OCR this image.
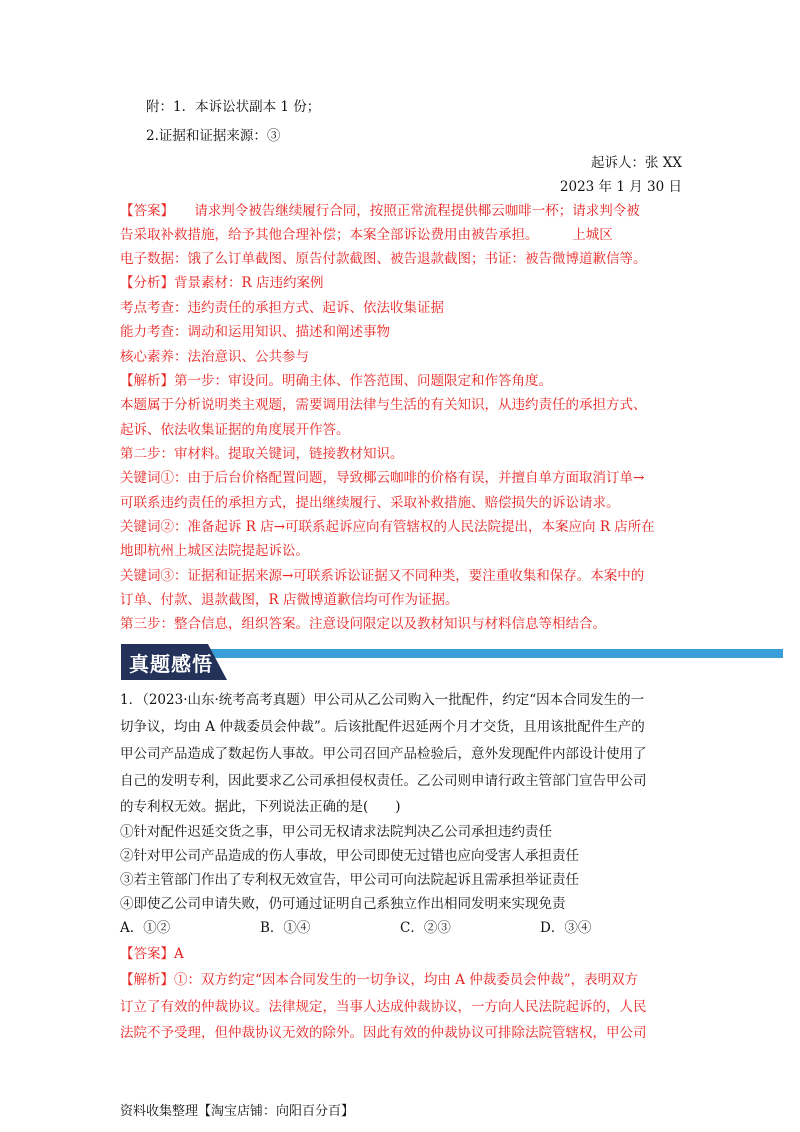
附：1．本诉讼状副本 1 份；
2.证据和证据来源：③
起诉人：张 XX
2023 年 1 月 30 日
【答案】　　请求判令被告继续履行合同，按照正常流程提供椰云咖啡一杯；请求判令被
告采取补救措施，给予其他合理补偿；本案全部诉讼费用由被告承担。　　　上城区
电子数据：饿了么订单截图、原告付款截图、被告退款截图；书证：被告微博道歉信等。
【分析】背景素材：R 店违约案例
考点考查：违约责任的承担方式、起诉、依法收集证据
能力考查：调动和运用知识、描述和阐述事物
核心素养：法治意识、公共参与
【解析】第一步：审设问。明确主体、作答范围、问题限定和作答角度。
本题属于分析说明类主观题，需要调用法律与生活的有关知识，从违约责任的承担方式、
起诉、依法收集证据的角度展开作答。
第二步：审材料。提取关键词，链接教材知识。
关键词①：由于后台价格配置问题，导致椰云咖啡的价格有误，并擅自单方面取消订单→
可联系违约责任的承担方式，提出继续履行、采取补救措施、赔偿损失的诉讼请求。
关键词②：准备起诉 R 店→可联系起诉应向有管辖权的人民法院提出，本案应向 R 店所在
地即杭州上城区法院提起诉讼。
关键词③：证据和证据来源→可联系诉讼证据又不同种类，要注重收集和保存。本案中的
订单、付款、退款截图，R 店微博道歉信均可作为证据。
第三步：整合信息，组织答案。注意设问限定以及教材知识与材料信息等相结合。
真题感悟
1．（2023·山东·统考高考真题）甲公司从乙公司购入一批配件，约定“因本合同发生的一
切争议，均由 A 仲裁委员会仲裁”。后该批配件迟延两个月才交货，且用该批配件生产的
甲公司产品造成了数起伤人事故。甲公司召回产品检验后，意外发现配件内部设计使用了
自己的发明专利，因此要求乙公司承担侵权责任。乙公司则申请行政主管部门宣告甲公司
的专利权无效。据此，下列说法正确的是(　　)
①针对配件迟延交货之事，甲公司无权请求法院判决乙公司承担违约责任
②针对甲公司产品造成的伤人事故，甲公司即使无过错也应向受害人承担责任
③若主管部门作出了专利权无效宣告，甲公司可向法院起诉且需承担举证责任
④即使乙公司申请失败，仍可通过证明自己系独立作出相同发明来实现免责
A．①②	B．①④	C．②③	D．③④
【答案】A
【解析】①：双方约定“因本合同发生的一切争议，均由 A 仲裁委员会仲裁”，表明双方
订立了有效的仲裁协议。法律规定，当事人达成仲裁协议，一方向人民法院起诉的，人民
法院不予受理，但仲裁协议无效的除外。因此有效的仲裁协议可排除法院管辖权，甲公司
资料收集整理【淘宝店铺：向阳百分百】
